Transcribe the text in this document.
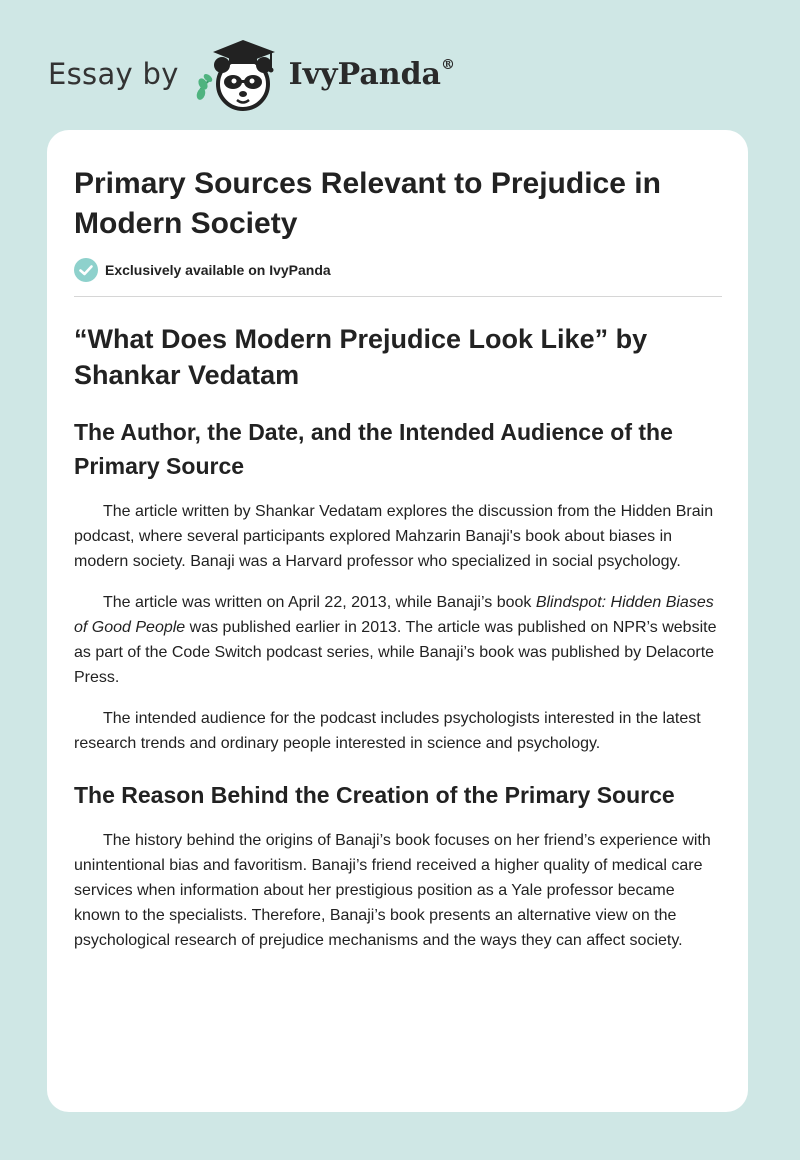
Essay by	IvyPanda®
Primary Sources Relevant to Prejudice in Modern Society
Exclusively available on IvyPanda
“What Does Modern Prejudice Look Like” by Shankar Vedatam
The Author, the Date, and the Intended Audience of the Primary Source

The article written by Shankar Vedatam explores the discussion from the Hidden Brain podcast, where several participants explored Mahzarin Banaji's book about biases in modern society. Banaji was a Harvard professor who specialized in social psychology.

The article was written on April 22, 2013, while Banaji’s book Blindspot: Hidden Biases of Good People was published earlier in 2013. The article was published on NPR’s website as part of the Code Switch podcast series, while Banaji’s book was published by Delacorte Press.

The intended audience for the podcast includes psychologists interested in the latest research trends and ordinary people interested in science and psychology.

The Reason Behind the Creation of the Primary Source

The history behind the origins of Banaji’s book focuses on her friend’s experience with unintentional bias and favoritism. Banaji’s friend received a higher quality of medical care services when information about her prestigious position as a Yale professor became known to the specialists. Therefore, Banaji’s book presents an alternative view on the psychological research of prejudice mechanisms and the ways they can affect society.
